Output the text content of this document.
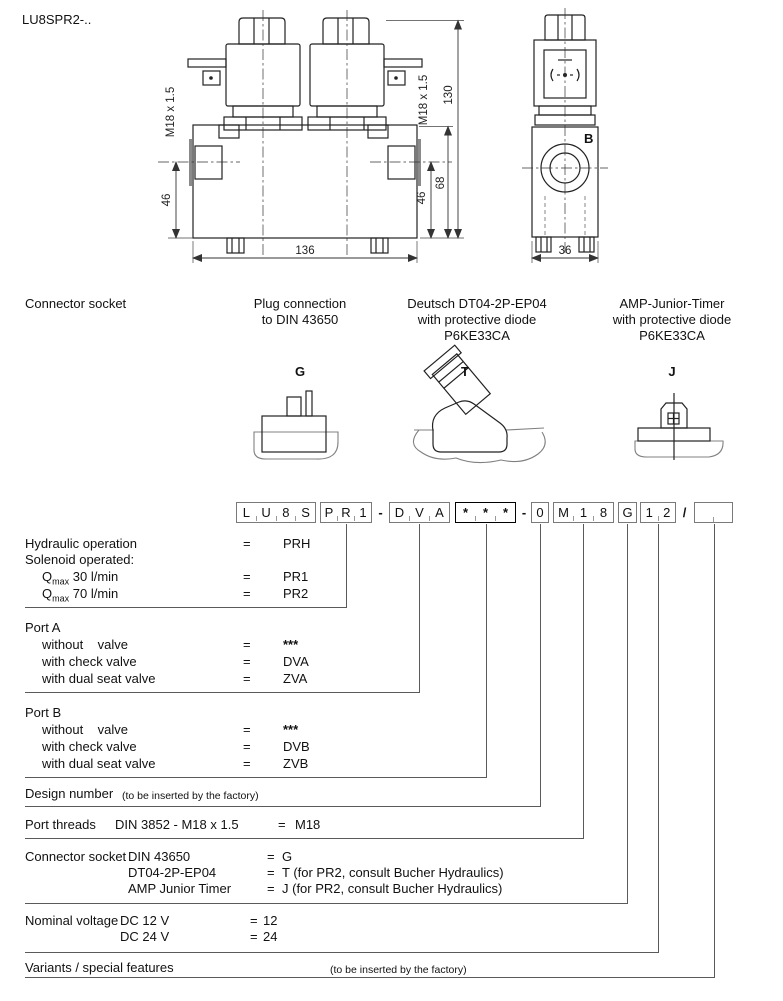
LU8SPR2-..
130
68
46
46
M18 x 1.5	M18 x 1.5
136
B
36
Connector socket	Plug connection
to DIN 43650
G
Deutsch DT04-2P-EP04
with protective diode
P6KE33CA
T
AMP-Junior-Timer
with protective diode
P6KE33CA
J
L U 8 S	P R 1 - D V A	*	*	*	- 0	M 1 8	G	1 2 /
Hydraulic operation	= PRH
Solenoid operated:
$Q_{max}$ 30 l/min	= PR1
$Q_{max}$ 70 l/min	= PR2
Port A
without    valve	= ***
with check valve	= DVA
with dual seat valve	= ZVA
Port B
without    valve	= ***
with check valve	= DVB
with dual seat valve	= ZVB
Design number (to be inserted by the factory)
Port threads DIN 3852 - M18 x 1.5	= M18
Connector socket DIN 43650	= G
DT04-2P-EP04	= T (for PR2, consult Bucher Hydraulics)
AMP Junior Timer	= J (for PR2, consult Bucher Hydraulics)
Nominal voltage DC 12 V	= 12
DC 24 V	= 24
Variants / special features	(to be inserted by the factory)
